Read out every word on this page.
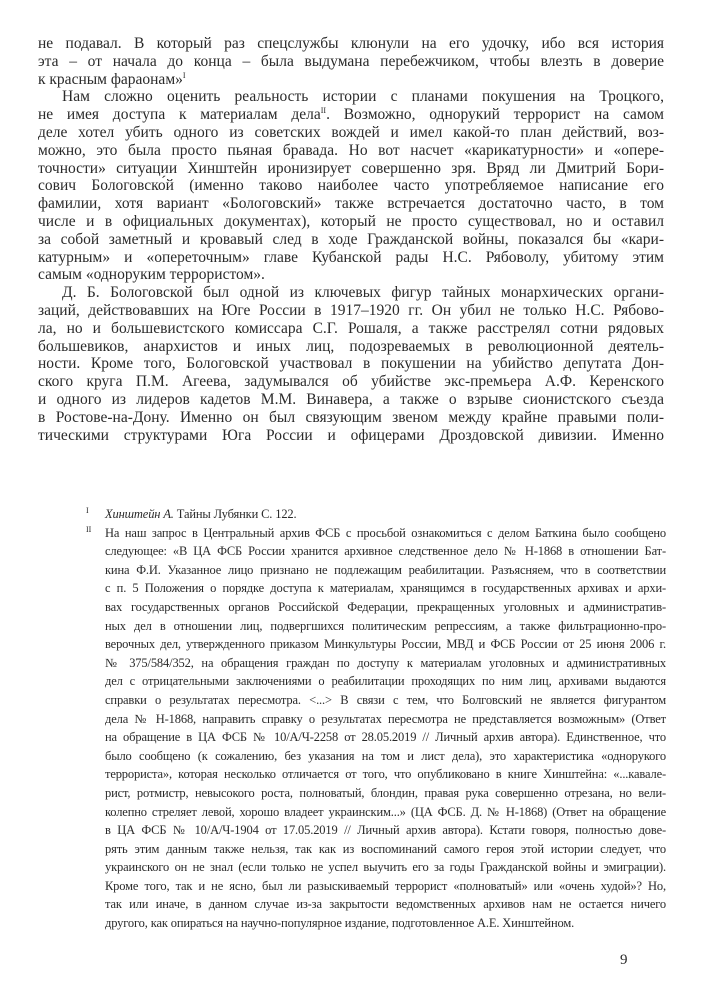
не подавал. В который раз спецслужбы клюнули на его удочку, ибо вся история
эта – от начала до конца – была выдумана перебежчиком, чтобы влезть в доверие
к красным фараонам»$^I$
Нам сложно оценить реальность истории с планами покушения на Троцкого,
не имея доступа к материалам дела$^{II}$. Возможно, однорукий террорист на самом
деле хотел убить одного из советских вождей и имел какой-то план действий, воз-
можно, это была просто пьяная бравада. Но вот насчет «карикатурности» и «опере-
точности» ситуации Хинштейн иронизирует совершенно зря. Вряд ли Дмитрий Бори-
сович Бологовско́й (именно таково наиболее часто употребляемое написание его
фамилии, хотя вариант «Бологовский» также встречается достаточно часто, в том
числе и в официальных документах), который не просто существовал, но и оставил
за собой заметный и кровавый след в ходе Гражданской войны, показался бы «кари-
катурным» и «опереточным» главе Кубанской рады Н.С. Рябоволу, убитому этим
самым «одноруким террористом».
Д. Б. Бологовской был одной из ключевых фигур тайных монархических органи-
заций, действовавших на Юге России в 1917–1920 гг. Он убил не только Н.С. Рябово-
ла, но и большевистского комиссара С.Г. Рошаля, а также расстрелял сотни рядовых
большевиков, анархистов и иных лиц, подозреваемых в революционной деятель-
ности. Кроме того, Бологовской участвовал в покушении на убийство депутата Дон-
ского круга П.М. Агеева, задумывался об убийстве экс-премьера А.Ф. Керенского
и одного из лидеров кадетов М.М. Винавера, а также о взрыве сионистского съезда
в Ростове-на-Дону. Именно он был связующим звеном между крайне правыми поли-
тическими структурами Юга России и офицерами Дроздовской дивизии. Именно
I Хинштейн А. Тайны Лубянки С. 122.
II На наш запрос в Центральный архив ФСБ с просьбой ознакомиться с делом Баткина было сообщено
следующее: «В ЦА ФСБ России хранится архивное следственное дело № Н-1868 в отношении Бат-
кина Ф.И. Указанное лицо признано не подлежащим реабилитации. Разъясняем, что в соответствии
с п. 5 Положения о порядке доступа к материалам, хранящимся в государственных архивах и архи-
вах государственных органов Российской Федерации, прекращенных уголовных и административ-
ных дел в отношении лиц, подвергшихся политическим репрессиям, а также фильтрационно-про-
верочных дел, утвержденного приказом Минкультуры России, МВД и ФСБ России от 25 июня 2006 г.
№ 375/584/352, на обращения граждан по доступу к материалам уголовных и административных
дел с отрицательными заключениями о реабилитации проходящих по ним лиц, архивами выдаются
справки о результатах пересмотра. <...> В связи с тем, что Болговский не является фигурантом
дела № Н-1868, направить справку о результатах пересмотра не представляется возможным» (Ответ
на обращение в ЦА ФСБ № 10/А/Ч-2258 от 28.05.2019 // Личный архив автора). Единственное, что
было сообщено (к сожалению, без указания на том и лист дела), это характеристика «однорукого
террориста», которая несколько отличается от того, что опубликовано в книге Хинштейна: «...кавале-
рист, ротмистр, невысокого роста, полноватый, блондин, правая рука совершенно отрезана, но вели-
колепно стреляет левой, хорошо владеет украинским...» (ЦА ФСБ. Д. № Н-1868) (Ответ на обращение
в ЦА ФСБ № 10/А/Ч-1904 от 17.05.2019 // Личный архив автора). Кстати говоря, полностью дове-
рять этим данным также нельзя, так как из воспоминаний самого героя этой истории следует, что
украинского он не знал (если только не успел выучить его за годы Гражданской войны и эмиграции).
Кроме того, так и не ясно, был ли разыскиваемый террорист «полноватый» или «очень худой»? Но,
так или иначе, в данном случае из-за закрытости ведомственных архивов нам не остается ничего
другого, как опираться на научно-популярное издание, подготовленное А.Е. Хинштейном.
9
